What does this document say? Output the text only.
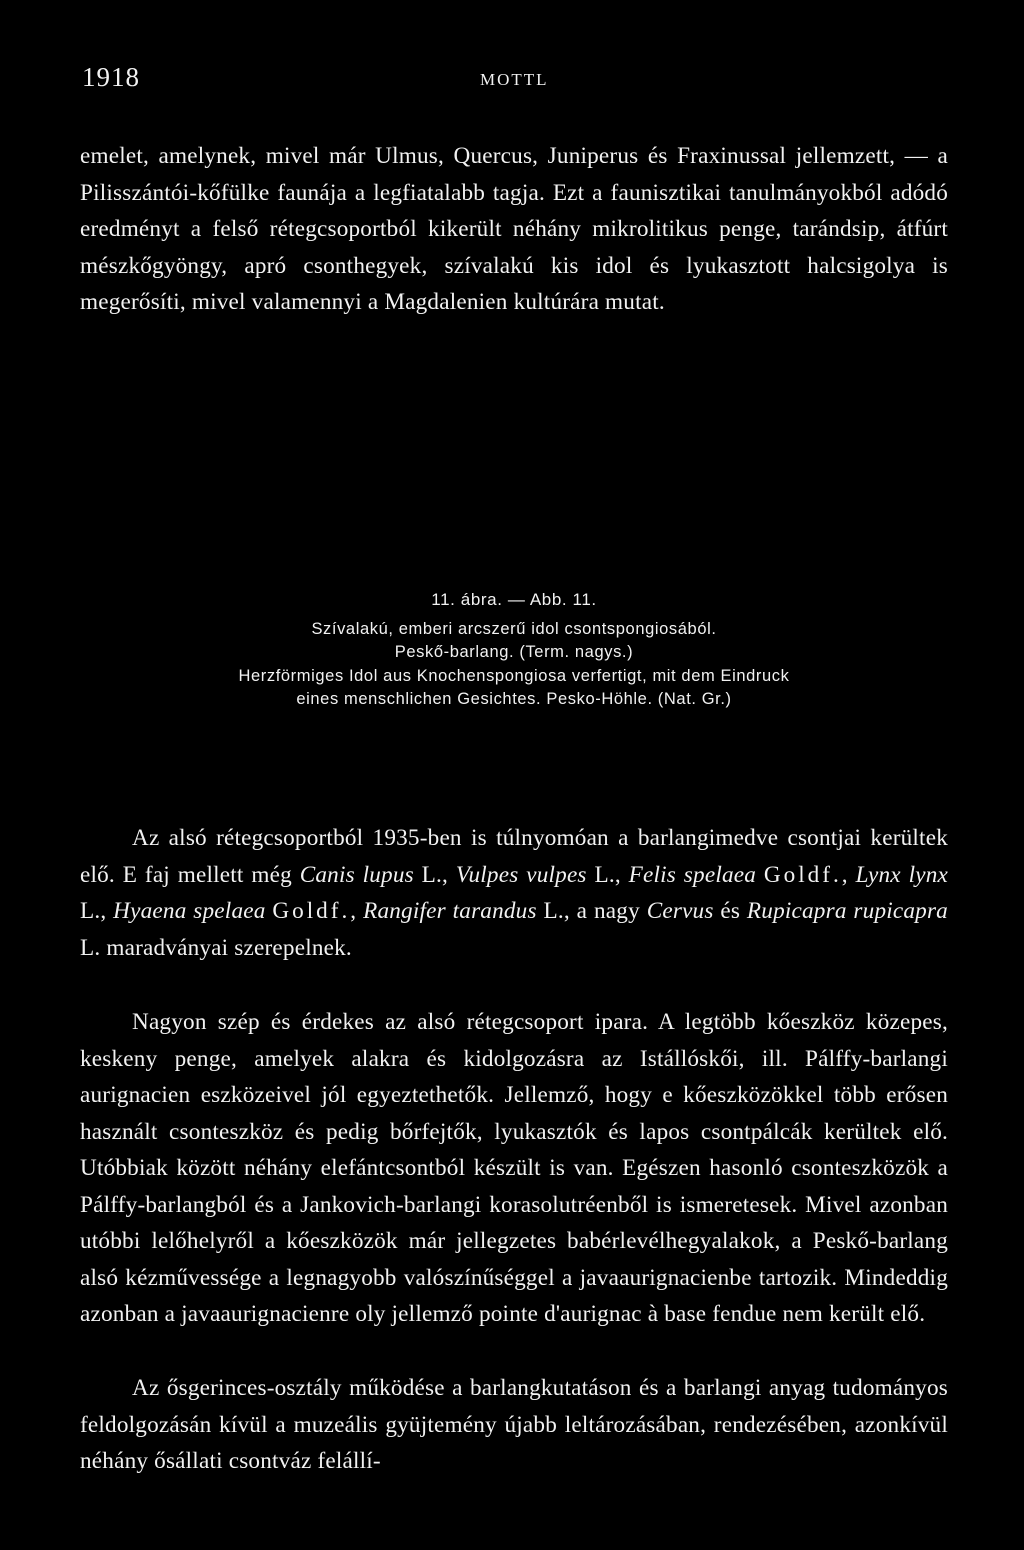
1918	MOTTL

emelet, amelynek, mivel már Ulmus, Quercus, Juniperus és Fraxinussal jellemzett, — a Pilisszántói-kőfülke faunája a legfiatalabb tagja. Ezt a faunisztikai tanulmányokból adódó eredményt a felső rétegcsoportból kikerült néhány mikrolitikus penge, tarándsip, átfúrt mészkőgyöngy, apró csonthegyek, szívalakú kis idol és lyukasztott halcsigolya is megerősíti, mivel valamennyi a Magdalenien kultúrára mutat.

11. ábra. — Abb. 11.
Szívalakú, emberi arcszerű idol csontspongiosából.
Peskő-barlang. (Term. nagys.)
Herzförmiges Idol aus Knochenspongiosa verfertigt, mit dem Eindruck
eines menschlichen Gesichtes. Pesko-Höhle. (Nat. Gr.)

Az alsó rétegcsoportból 1935-ben is túlnyomóan a barlangimedve csontjai kerültek elő. E faj mellett még Canis lupus L., Vulpes vulpes L., Felis spelaea Goldf., Lynx lynx L., Hyaena spelaea Goldf., Rangifer tarandus L., a nagy Cervus és Rupicapra rupicapra L. maradványai szerepelnek.

Nagyon szép és érdekes az alsó rétegcsoport ipara. A legtöbb kőeszköz közepes, keskeny penge, amelyek alakra és kidolgozásra az Istállóskői, ill. Pálffy-barlangi aurignacien eszközeivel jól egyeztethetők. Jellemző, hogy e kőeszközökkel több erősen használt csonteszköz és pedig bőrfejtők, lyukasztók és lapos csontpálcák kerültek elő. Utóbbiak között néhány elefántcsontból készült is van. Egészen hasonló csonteszközök a Pálffy-barlangból és a Jankovich-barlangi korasolutréenből is ismeretesek. Mivel azonban utóbbi lelőhelyről a kőeszközök már jellegzetes babérlevélhegyalakok, a Peskő-barlang alsó kézművessége a legnagyobb valószínűséggel a javaaurignacienbe tartozik. Mindeddig azonban a javaaurignacienre oly jellemző pointe d'aurignac à base fendue nem került elő.

Az ősgerinces-osztály működése a barlangkutatáson és a barlangi anyag tudományos feldolgozásán kívül a muzeális gyüjtemény újabb leltározásában, rendezésében, azonkívül néhány ősállati csontváz felállí-
